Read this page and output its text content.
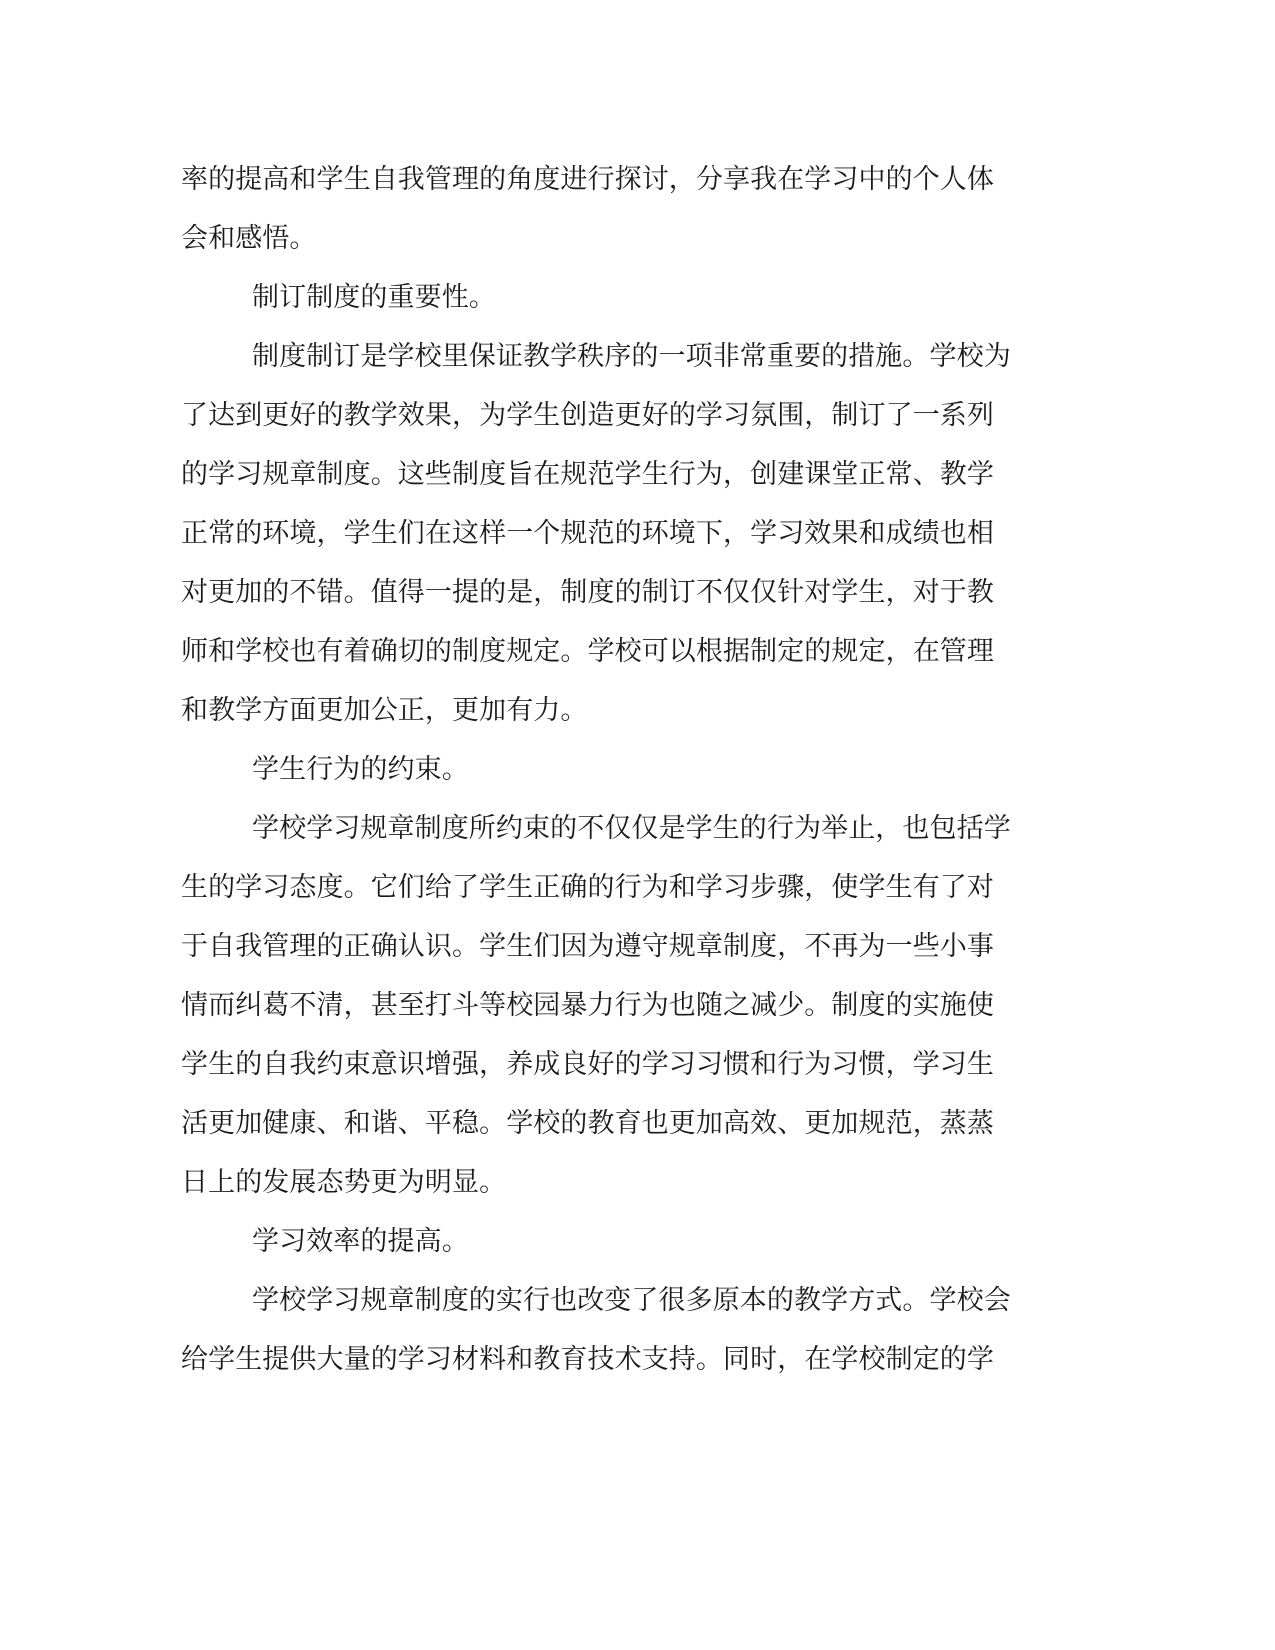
率的提高和学生自我管理的角度进行探讨，分享我在学习中的个人体
会和感悟。
制订制度的重要性。
制度制订是学校里保证教学秩序的一项非常重要的措施。学校为
了达到更好的教学效果，为学生创造更好的学习氛围，制订了一系列
的学习规章制度。这些制度旨在规范学生行为，创建课堂正常、教学
正常的环境，学生们在这样一个规范的环境下，学习效果和成绩也相
对更加的不错。值得一提的是，制度的制订不仅仅针对学生，对于教
师和学校也有着确切的制度规定。学校可以根据制定的规定，在管理
和教学方面更加公正，更加有力。
学生行为的约束。
学校学习规章制度所约束的不仅仅是学生的行为举止，也包括学
生的学习态度。它们给了学生正确的行为和学习步骤，使学生有了对
于自我管理的正确认识。学生们因为遵守规章制度，不再为一些小事
情而纠葛不清，甚至打斗等校园暴力行为也随之减少。制度的实施使
学生的自我约束意识增强，养成良好的学习习惯和行为习惯，学习生
活更加健康、和谐、平稳。学校的教育也更加高效、更加规范，蒸蒸
日上的发展态势更为明显。
学习效率的提高。
学校学习规章制度的实行也改变了很多原本的教学方式。学校会
给学生提供大量的学习材料和教育技术支持。同时，在学校制定的学
